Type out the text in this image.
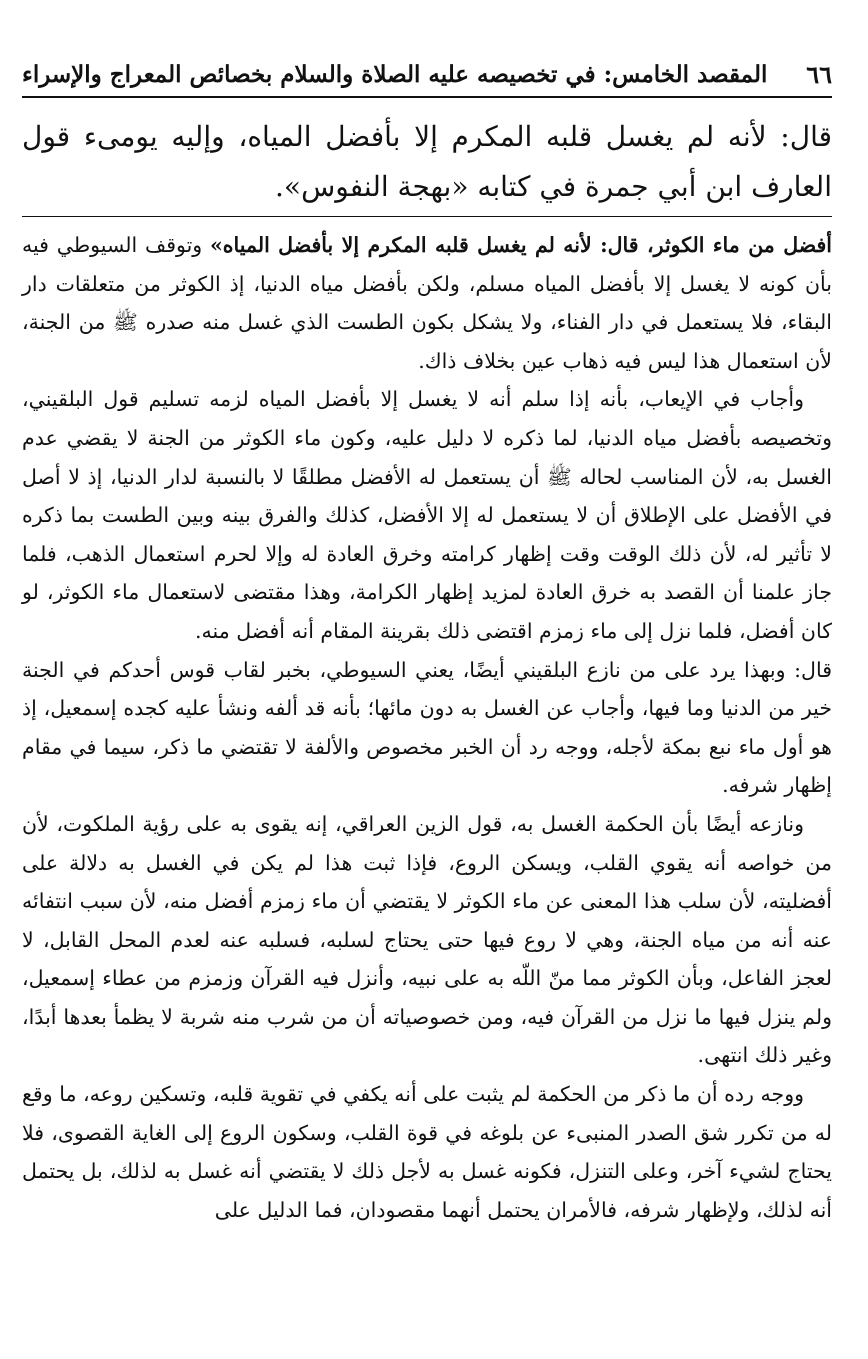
٦٦
المقصد الخامس: في تخصيصه عليه الصلاة والسلام بخصائص المعراج والإسراء

قال: لأنه لم يغسل قلبه المكرم إلا بأفضل المياه، وإليه يومىء قول العارف ابن أبي جمرة في كتابه «بهجة النفوس».

أفضل من ماء الكوثر، قال: لأنه لم يغسل قلبه المكرم إلا بأفضل المياه» وتوقف السيوطي فيه بأن كونه لا يغسل إلا بأفضل المياه مسلم، ولكن بأفضل مياه الدنيا، إذ الكوثر من متعلقات دار البقاء، فلا يستعمل في دار الفناء، ولا يشكل بكون الطست الذي غسل منه صدره ﷺ من الجنة، لأن استعمال هذا ليس فيه ذهاب عين بخلاف ذاك.

وأجاب في الإيعاب، بأنه إذا سلم أنه لا يغسل إلا بأفضل المياه لزمه تسليم قول البلقيني، وتخصيصه بأفضل مياه الدنيا، لما ذكره لا دليل عليه، وكون ماء الكوثر من الجنة لا يقضي عدم الغسل به، لأن المناسب لحاله ﷺ أن يستعمل له الأفضل مطلقًا لا بالنسبة لدار الدنيا، إذ لا أصل في الأفضل على الإطلاق أن لا يستعمل له إلا الأفضل، كذلك والفرق بينه وبين الطست بما ذكره لا تأثير له، لأن ذلك الوقت وقت إظهار كرامته وخرق العادة له وإلا لحرم استعمال الذهب، فلما جاز علمنا أن القصد به خرق العادة لمزيد إظهار الكرامة، وهذا مقتضى لاستعمال ماء الكوثر، لو كان أفضل، فلما نزل إلى ماء زمزم اقتضى ذلك بقرينة المقام أنه أفضل منه.

قال: وبهذا يرد على من نازع البلقيني أيضًا، يعني السيوطي، بخبر لقاب قوس أحدكم في الجنة خير من الدنيا وما فيها، وأجاب عن الغسل به دون مائها؛ بأنه قد ألفه ونشأ عليه كجده إسمعيل، إذ هو أول ماء نبع بمكة لأجله، ووجه رد أن الخبر مخصوص والألفة لا تقتضي ما ذكر، سيما في مقام إظهار شرفه.

ونازعه أيضًا بأن الحكمة الغسل به، قول الزين العراقي، إنه يقوى به على رؤية الملكوت، لأن من خواصه أنه يقوي القلب، ويسكن الروع، فإذا ثبت هذا لم يكن في الغسل به دلالة على أفضليته، لأن سلب هذا المعنى عن ماء الكوثر لا يقتضي أن ماء زمزم أفضل منه، لأن سبب انتفائه عنه أنه من مياه الجنة، وهي لا روع فيها حتى يحتاج لسلبه، فسلبه عنه لعدم المحل القابل، لا لعجز الفاعل، وبأن الكوثر مما منّ اللّه به على نبيه، وأنزل فيه القرآن وزمزم من عطاء إسمعيل، ولم ينزل فيها ما نزل من القرآن فيه، ومن خصوصياته أن من شرب منه شربة لا يظمأ بعدها أبدًا، وغير ذلك انتهى.

ووجه رده أن ما ذكر من الحكمة لم يثبت على أنه يكفي في تقوية قلبه، وتسكين روعه، ما وقع له من تكرر شق الصدر المنبىء عن بلوغه في قوة القلب، وسكون الروع إلى الغاية القصوى، فلا يحتاج لشيء آخر، وعلى التنزل، فكونه غسل به لأجل ذلك لا يقتضي أنه غسل به لذلك، بل يحتمل أنه لذلك، ولإظهار شرفه، فالأمران يحتمل أنهما مقصودان، فما الدليل على
